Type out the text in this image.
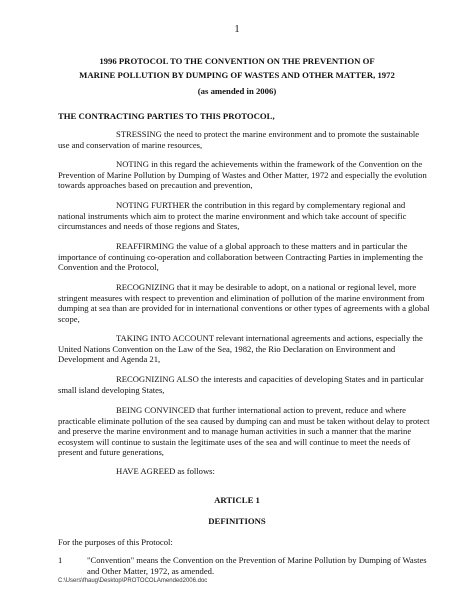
1
1996 PROTOCOL TO THE CONVENTION ON THE PREVENTION OF
MARINE POLLUTION BY DUMPING OF WASTES AND OTHER MATTER, 1972
(as amended in 2006)
THE CONTRACTING PARTIES TO THIS PROTOCOL,
STRESSING the need to protect the marine environment and to promote the sustainable use and conservation of marine resources,
NOTING in this regard the achievements within the framework of the Convention on the Prevention of Marine Pollution by Dumping of Wastes and Other Matter, 1972 and especially the evolution towards approaches based on precaution and prevention,
NOTING FURTHER the contribution in this regard by complementary regional and national instruments which aim to protect the marine environment and which take account of specific circumstances and needs of those regions and States,
REAFFIRMING the value of a global approach to these matters and in particular the importance of continuing co-operation and collaboration between Contracting Parties in implementing the Convention and the Protocol,
RECOGNIZING that it may be desirable to adopt, on a national or regional level, more stringent measures with respect to prevention and elimination of pollution of the marine environment from dumping at sea than are provided for in international conventions or other types of agreements with a global scope,
TAKING INTO ACCOUNT relevant international agreements and actions, especially the United Nations Convention on the Law of the Sea, 1982, the Rio Declaration on Environment and Development and Agenda 21,
RECOGNIZING ALSO the interests and capacities of developing States and in particular small island developing States,
BEING CONVINCED that further international action to prevent, reduce and where practicable eliminate pollution of the sea caused by dumping can and must be taken without delay to protect and preserve the marine environment and to manage human activities in such a manner that the marine ecosystem will continue to sustain the legitimate uses of the sea and will continue to meet the needs of present and future generations,
HAVE AGREED as follows:
ARTICLE 1
DEFINITIONS
For the purposes of this Protocol:
1	"Convention" means the Convention on the Prevention of Marine Pollution by Dumping of Wastes and Other Matter, 1972, as amended.
C:\Users\fhaug\Desktop\PROTOCOLAmended2006.doc
